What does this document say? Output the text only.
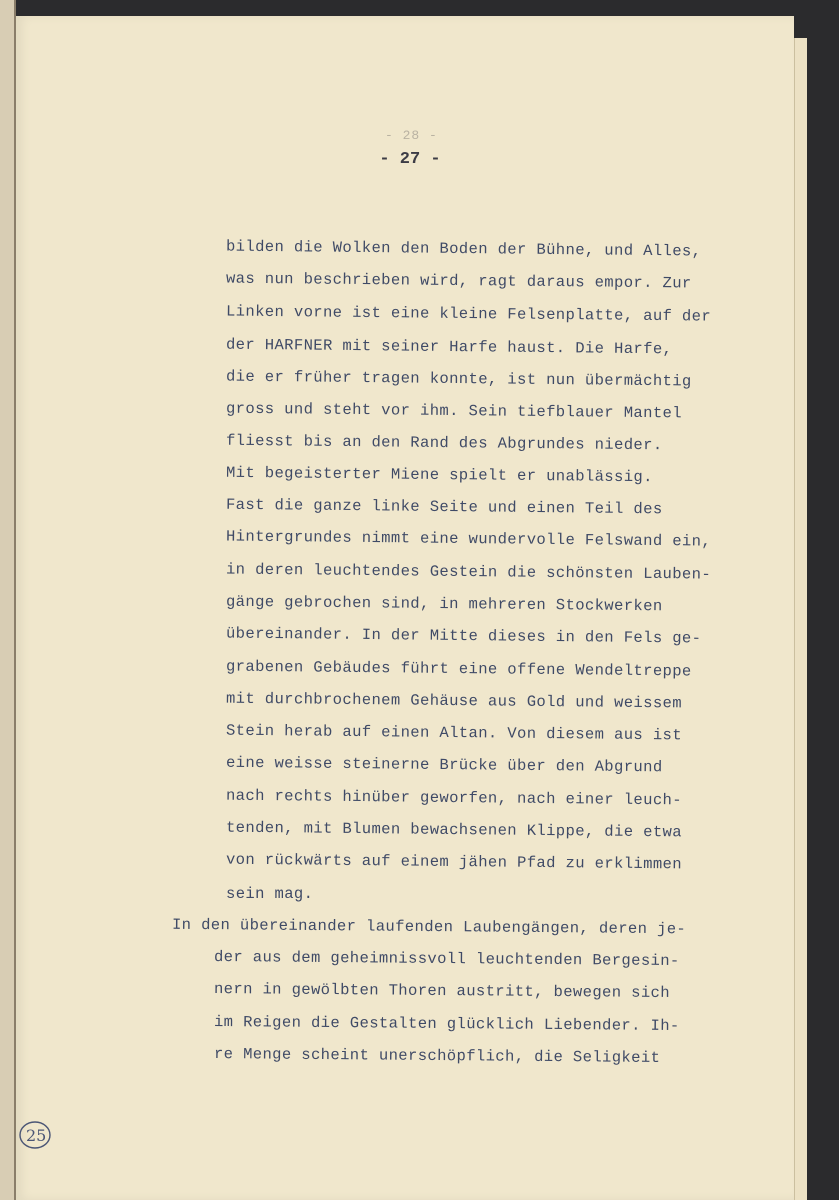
- 28 -
- 27 -
bilden die Wolken den Boden der Bühne, und Alles,
was nun beschrieben wird, ragt daraus empor. Zur
Linken vorne ist eine kleine Felsenplatte, auf der
der HARFNER mit seiner Harfe haust. Die Harfe,
die er früher tragen konnte, ist nun übermächtig
gross und steht vor ihm. Sein tiefblauer Mantel
fliesst bis an den Rand des Abgrundes nieder.
Mit begeisterter Miene spielt er unablässig.
Fast die ganze linke Seite und einen Teil des
Hintergrundes nimmt eine wundervolle Felswand ein,
in deren leuchtendes Gestein die schönsten Lauben-
gänge gebrochen sind, in mehreren Stockwerken
übereinander. In der Mitte dieses in den Fels ge-
grabenen Gebäudes führt eine offene Wendeltreppe
mit durchbrochenem Gehäuse aus Gold und weissem
Stein herab auf einen Altan. Von diesem aus ist
eine weisse steinerne Brücke über den Abgrund
nach rechts hinüber geworfen, nach einer leuch-
tenden, mit Blumen bewachsenen Klippe, die etwa
von rückwärts auf einem jähen Pfad zu erklimmen
sein mag.
In den übereinander laufenden Laubengängen, deren je-
der aus dem geheimnissvoll leuchtenden Bergesin-
nern in gewölbten Thoren austritt, bewegen sich
im Reigen die Gestalten glücklich Liebender. Ih-
re Menge scheint unerschöpflich, die Seligkeit
25
